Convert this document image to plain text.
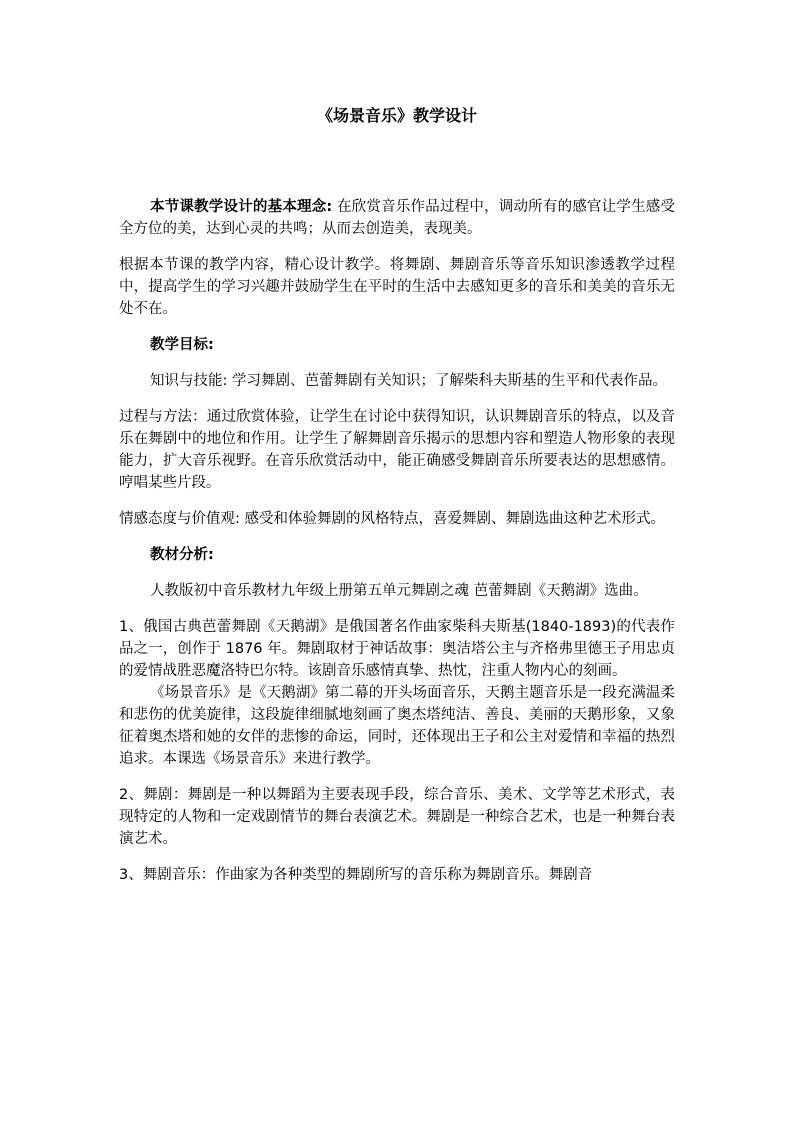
《场景音乐》教学设计

本节课教学设计的基本理念: 在欣赏音乐作品过程中，调动所有的感官让学生感受全方位的美，达到心灵的共鸣；从而去创造美，表现美。

根据本节课的教学内容，精心设计教学。将舞剧、舞剧音乐等音乐知识渗透教学过程中，提高学生的学习兴趣并鼓励学生在平时的生活中去感知更多的音乐和美美的音乐无处不在。

教学目标:

知识与技能: 学习舞剧、芭蕾舞剧有关知识；了解柴科夫斯基的生平和代表作品。

过程与方法：通过欣赏体验，让学生在讨论中获得知识，认识舞剧音乐的特点，以及音乐在舞剧中的地位和作用。让学生了解舞剧音乐揭示的思想内容和塑造人物形象的表现能力，扩大音乐视野。在音乐欣赏活动中，能正确感受舞剧音乐所要表达的思想感情。哼唱某些片段。

情感态度与价值观: 感受和体验舞剧的风格特点，喜爱舞剧、舞剧选曲这种艺术形式。

教材分析:

人教版初中音乐教材九年级上册第五单元舞剧之魂 芭蕾舞剧《天鹅湖》选曲。

1、俄国古典芭蕾舞剧《天鹅湖》是俄国著名作曲家柴科夫斯基(1840-1893)的代表作品之一，创作于 1876 年。舞剧取材于神话故事：奥洁塔公主与齐格弗里德王子用忠贞的爱情战胜恶魔洛特巴尔特。该剧音乐感情真挚、热忱，注重人物内心的刻画。

《场景音乐》是《天鹅湖》第二幕的开头场面音乐，天鹅主题音乐是一段充满温柔和悲伤的优美旋律，这段旋律细腻地刻画了奥杰塔纯洁、善良、美丽的天鹅形象，又象征着奥杰塔和她的女伴的悲惨的命运，同时，还体现出王子和公主对爱情和幸福的热烈追求。本课选《场景音乐》来进行教学。

2、舞剧：舞剧是一种以舞蹈为主要表现手段，综合音乐、美术、文学等艺术形式，表现特定的人物和一定戏剧情节的舞台表演艺术。舞剧是一种综合艺术，也是一种舞台表演艺术。

3、舞剧音乐：作曲家为各种类型的舞剧所写的音乐称为舞剧音乐。舞剧音
